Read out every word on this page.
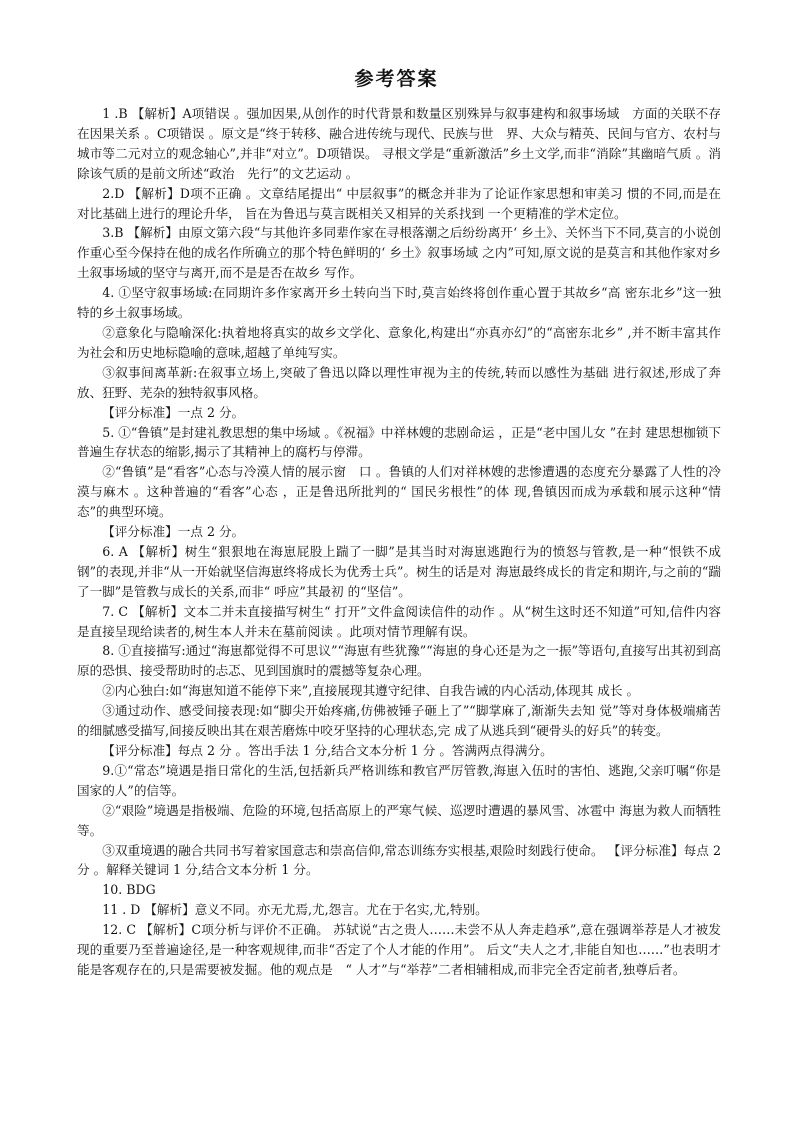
参考答案

1 .B 【解析】A项错误 。强加因果,从创作的时代背景和数量区别殊异与叙事建构和叙事场域　方面的关联不存在因果关系 。C项错误 。原文是“终于转移、融合进传统与现代、民族与世　界、大众与精英、民间与官方、农村与城市等二元对立的观念轴心”,并非“对立”。D项错误。 寻根文学是“重新激活”乡土文学,而非“消除”其幽暗气质 。消除该气质的是前文所述“政治　先行”的文艺运动 。

2.D 【解析】D项不正确 。文章结尾提出“ 中层叙事”的概念并非为了论证作家思想和审美习 惯的不同,而是在对比基础上进行的理论升华， 旨在为鲁迅与莫言既相关又相异的关系找到 一个更精准的学术定位。

3.B 【解析】由原文第六段“与其他许多同辈作家在寻根落潮之后纷纷离开‘ 乡土》、关怀当下不同,莫言的小说创作重心至今保持在他的成名作所确立的那个特色鲜明的‘ 乡土》叙事场域 之内”可知,原文说的是莫言和其他作家对乡土叙事场域的坚守与离开,而不是是否在故乡 写作。

4. ①坚守叙事场域:在同期许多作家离开乡土转向当下时,莫言始终将创作重心置于其故乡“高 密东北乡”这一独特的乡土叙事场域。

②意象化与隐喻深化:执着地将真实的故乡文学化、意象化,构建出“亦真亦幻”的“高密东北乡” ,并不断丰富其作为社会和历史地标隐喻的意味,超越了单纯写实。

③叙事间离革新:在叙事立场上,突破了鲁迅以降以理性审视为主的传统,转而以感性为基础 进行叙述,形成了奔放、狂野、芜杂的独特叙事风格。

【评分标准】一点 2 分。

5. ①“鲁镇”是封建礼教思想的集中场域 。《祝福》中祥林嫂的悲剧命运 ，正是“老中国儿女 ”在封 建思想枷锁下普遍生存状态的缩影,揭示了其精神上的腐朽与停滞。

②“鲁镇”是“看客”心态与冷漠人情的展示窗　口 。鲁镇的人们对祥林嫂的悲惨遭遇的态度充分暴露了人性的冷漠与麻木 。这种普遍的“看客”心态 ，正是鲁迅所批判的“ 国民劣根性”的体 现,鲁镇因而成为承载和展示这种“情态”的典型环境。

【评分标准】一点 2 分。

6. A 【解析】树生“狠狠地在海崽屁股上踹了一脚”是其当时对海崽逃跑行为的愤怒与管教,是一种“恨铁不成钢”的表现,并非“从一开始就坚信海崽终将成长为优秀士兵”。树生的话是对 海崽最终成长的肯定和期许,与之前的“踹了一脚”是管教与成长的关系,而非“ 呼应”其最初 的“坚信”。

7. C 【解析】文本二并未直接描写树生“ 打开”文件盒阅读信件的动作 。从“树生这时还不知道”可知,信件内容是直接呈现给读者的,树生本人并未在墓前阅读 。此项对情节理解有误。

8. ①直接描写:通过“海崽都觉得不可思议”“海崽有些犹豫”“海崽的身心还是为之一振”等语句,直接写出其初到高原的恐惧、接受帮助时的忐忑、见到国旗时的震撼等复杂心理。

②内心独白:如“海崽知道不能停下来”,直接展现其遵守纪律、自我告诫的内心活动,体现其 成长 。

③通过动作、感受间接表现:如“脚尖开始疼痛,仿佛被锤子砸上了”“脚掌麻了,渐渐失去知 觉”等对身体极端痛苦的细腻感受描写,间接反映出其在艰苦磨炼中咬牙坚持的心理状态,完 成了从逃兵到“硬骨头的好兵”的转变。

【评分标准】每点 2 分 。答出手法 1 分,结合文本分析 1 分 。答满两点得满分。

9.①“常态”境遇是指日常化的生活,包括新兵严格训练和教官严厉管教,海崽入伍时的害怕、逃跑,父亲叮嘱“你是国家的人”的信等。

②“艰险”境遇是指极端、危险的环境,包括高原上的严寒气候、巡逻时遭遇的暴风雪、冰雹中 海崽为救人而牺牲等。

③双重境遇的融合共同书写着家国意志和崇高信仰,常态训练夯实根基,艰险时刻践行使命。 【评分标准】每点 2 分 。解释关键词 1 分,结合文本分析 1 分。

10. BDG

11 . D 【解析】意义不同。亦无尤焉,尤,怨言。尤在于名实,尤,特别。

12. C 【解析】C项分析与评价不正确。 苏轼说“古之贵人……未尝不从人奔走趋承”,意在强调举荐是人才被发现的重要乃至普遍途径,是一种客观规律,而非“否定了个人才能的作用”。 后文“夫人之才,非能自知也……”也表明才能是客观存在的,只是需要被发掘。他的观点是　“ 人才”与“举荐”二者相辅相成,而非完全否定前者,独尊后者。
